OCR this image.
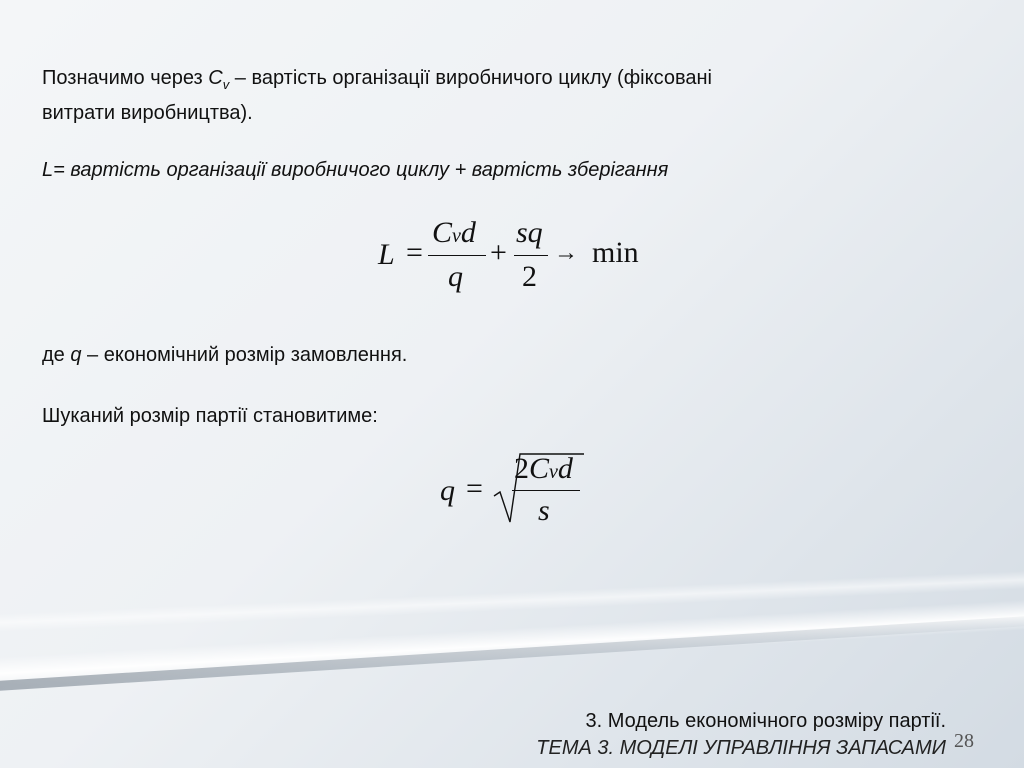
Позначимо через $C_v$ – вартість організації виробничого циклу (фіксовані
витрати виробництва).

L= вартість організації виробничого циклу + вартість зберігання

L =
Cvd
q
+
sq
2
→ min

де q – економічний розмір замовлення.

Шуканий розмір партії становитиме:

q =
2Cvd
s
3. Модель економічного розміру партії.
ТЕМА 3. МОДЕЛІ УПРАВЛІННЯ ЗАПАСАМИ 28
